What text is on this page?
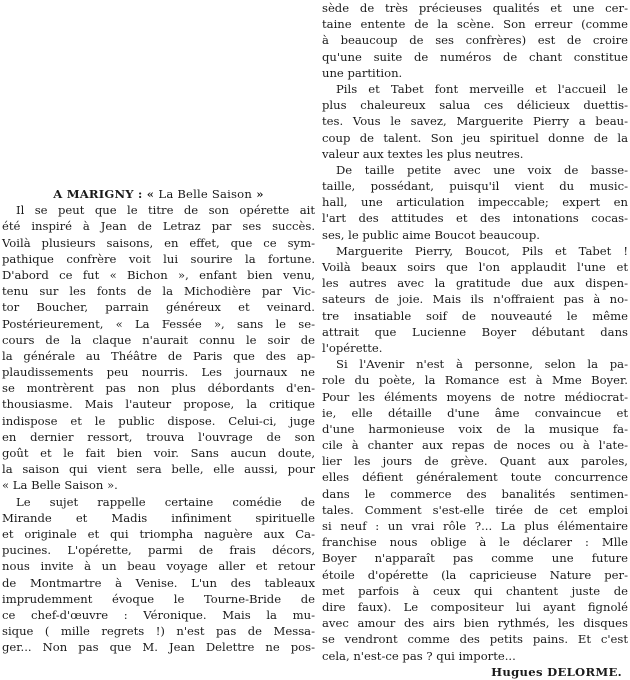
A MARIGNY : « La Belle Saison »
Il se peut que le titre de son opérette ait
été inspiré à Jean de Letraz par ses succès.
Voilà plusieurs saisons, en effet, que ce sym-
pathique confrère voit lui sourire la fortune.
D'abord ce fut « Bichon », enfant bien venu,
tenu sur les fonts de la Michodière par Vic-
tor Boucher, parrain généreux et veinard.
Postérieurement, « La Fessée », sans le se-
cours de la claque n'aurait connu le soir de
la générale au Théâtre de Paris que des ap-
plaudissements peu nourris. Les journaux ne
se montrèrent pas non plus débordants d'en-
thousiasme. Mais l'auteur propose, la critique
indispose et le public dispose. Celui-ci, juge
en dernier ressort, trouva l'ouvrage de son
goût et le fait bien voir. Sans aucun doute,
la saison qui vient sera belle, elle aussi, pour
« La Belle Saison ».
Le sujet rappelle certaine comédie de
Mirande et Madis infiniment spirituelle
et originale et qui triompha naguère aux Ca-
pucines. L'opérette, parmi de frais décors,
nous invite à un beau voyage aller et retour
de Montmartre à Venise. L'un des tableaux
imprudemment évoque le Tourne-Bride de
ce chef-d'œuvre : Véronique. Mais la mu-
sique ( mille regrets !) n'est pas de Messa-
ger... Non pas que M. Jean Delettre ne pos-
sède de très précieuses qualités et une cer-
taine entente de la scène. Son erreur (comme
à beaucoup de ses confrères) est de croire
qu'une suite de numéros de chant constitue
une partition.
Pils et Tabet font merveille et l'accueil le
plus chaleureux salua ces délicieux duettis-
tes. Vous le savez, Marguerite Pierry a beau-
coup de talent. Son jeu spirituel donne de la
valeur aux textes les plus neutres.
De taille petite avec une voix de basse-
taille, possédant, puisqu'il vient du music-
hall, une articulation impeccable; expert en
l'art des attitudes et des intonations cocas-
ses, le public aime Boucot beaucoup.
Marguerite Pierry, Boucot, Pils et Tabet !
Voilà beaux soirs que l'on applaudit l'une et
les autres avec la gratitude due aux dispen-
sateurs de joie. Mais ils n'offraient pas à no-
tre insatiable soif de nouveauté le même
attrait que Lucienne Boyer débutant dans
l'opérette.
Si l'Avenir n'est à personne, selon la pa-
role du poète, la Romance est à Mme Boyer.
Pour les éléments moyens de notre médiocrat-
ie, elle détaille d'une âme convaincue et
d'une harmonieuse voix de la musique fa-
cile à chanter aux repas de noces ou à l'ate-
lier les jours de grève. Quant aux paroles,
elles défient généralement toute concurrence
dans le commerce des banalités sentimen-
tales. Comment s'est-elle tirée de cet emploi
si neuf : un vrai rôle ?... La plus élémentaire
franchise nous oblige à le déclarer : Mlle
Boyer n'apparaît pas comme une future
étoile d'opérette (la capricieuse Nature per-
met parfois à ceux qui chantent juste de
dire faux). Le compositeur lui ayant fignolé
avec amour des airs bien rythmés, les disques
se vendront comme des petits pains. Et c'est
cela, n'est-ce pas ? qui importe...
Hugues DELORME.
